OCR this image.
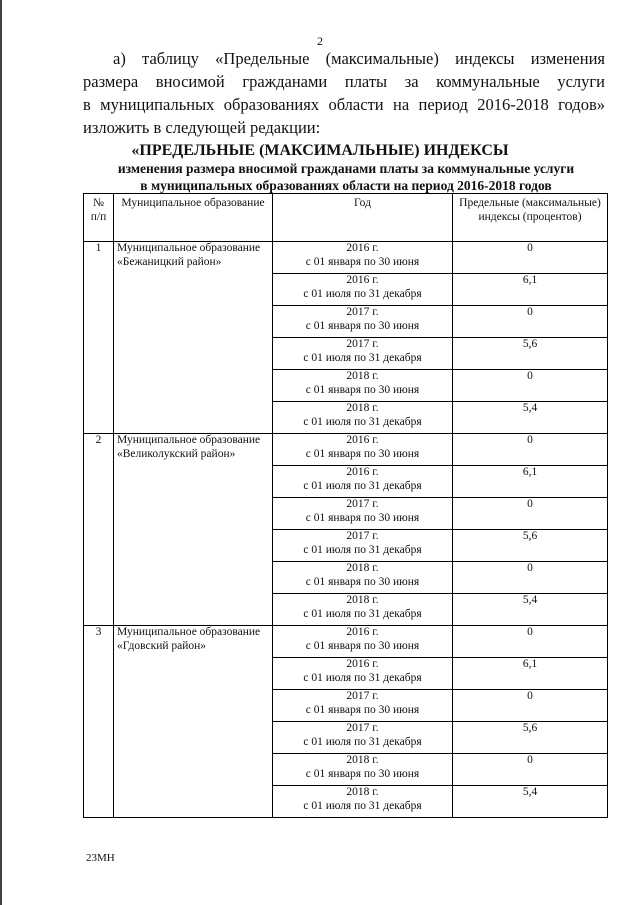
2
а) таблицу «Предельные (максимальные) индексы изменения
размера вносимой гражданами платы за коммунальные услуги
в муниципальных образованиях области на период 2016-2018 годов»
изложить в следующей редакции:
«ПРЕДЕЛЬНЫЕ (МАКСИМАЛЬНЫЕ) ИНДЕКСЫ
изменения размера вносимой гражданами платы за коммунальные услуги
в муниципальных образованиях области на период 2016-2018 годов
№ п/п	Муниципальное образование	Год	Предельные (максимальные) индексы (процентов)
1	Муниципальное образование «Бежаницкий район»	2016 г.
с 01 января по 30 июня	0

		2016 г.
с 01 июля по 31 декабря	6,1

		2017 г.
с 01 января по 30 июня	0

		2017 г.
с 01 июля по 31 декабря	5,6

		2018 г.
с 01 января по 30 июня	0

		2018 г.
с 01 июля по 31 декабря	5,4
2	Муниципальное образование «Великолукский район»	2016 г.
с 01 января по 30 июня	0

		2016 г.
с 01 июля по 31 декабря	6,1

		2017 г.
с 01 января по 30 июня	0

		2017 г.
с 01 июля по 31 декабря	5,6

		2018 г.
с 01 января по 30 июня	0

		2018 г.
с 01 июля по 31 декабря	5,4
3	Муниципальное образование «Гдовский район»	2016 г.
с 01 января по 30 июня	0

		2016 г.
с 01 июля по 31 декабря	6,1

		2017 г.
с 01 января по 30 июня	0

		2017 г.
с 01 июля по 31 декабря	5,6

		2018 г.
с 01 января по 30 июня	0

		2018 г.
с 01 июля по 31 декабря	5,4
23МН
